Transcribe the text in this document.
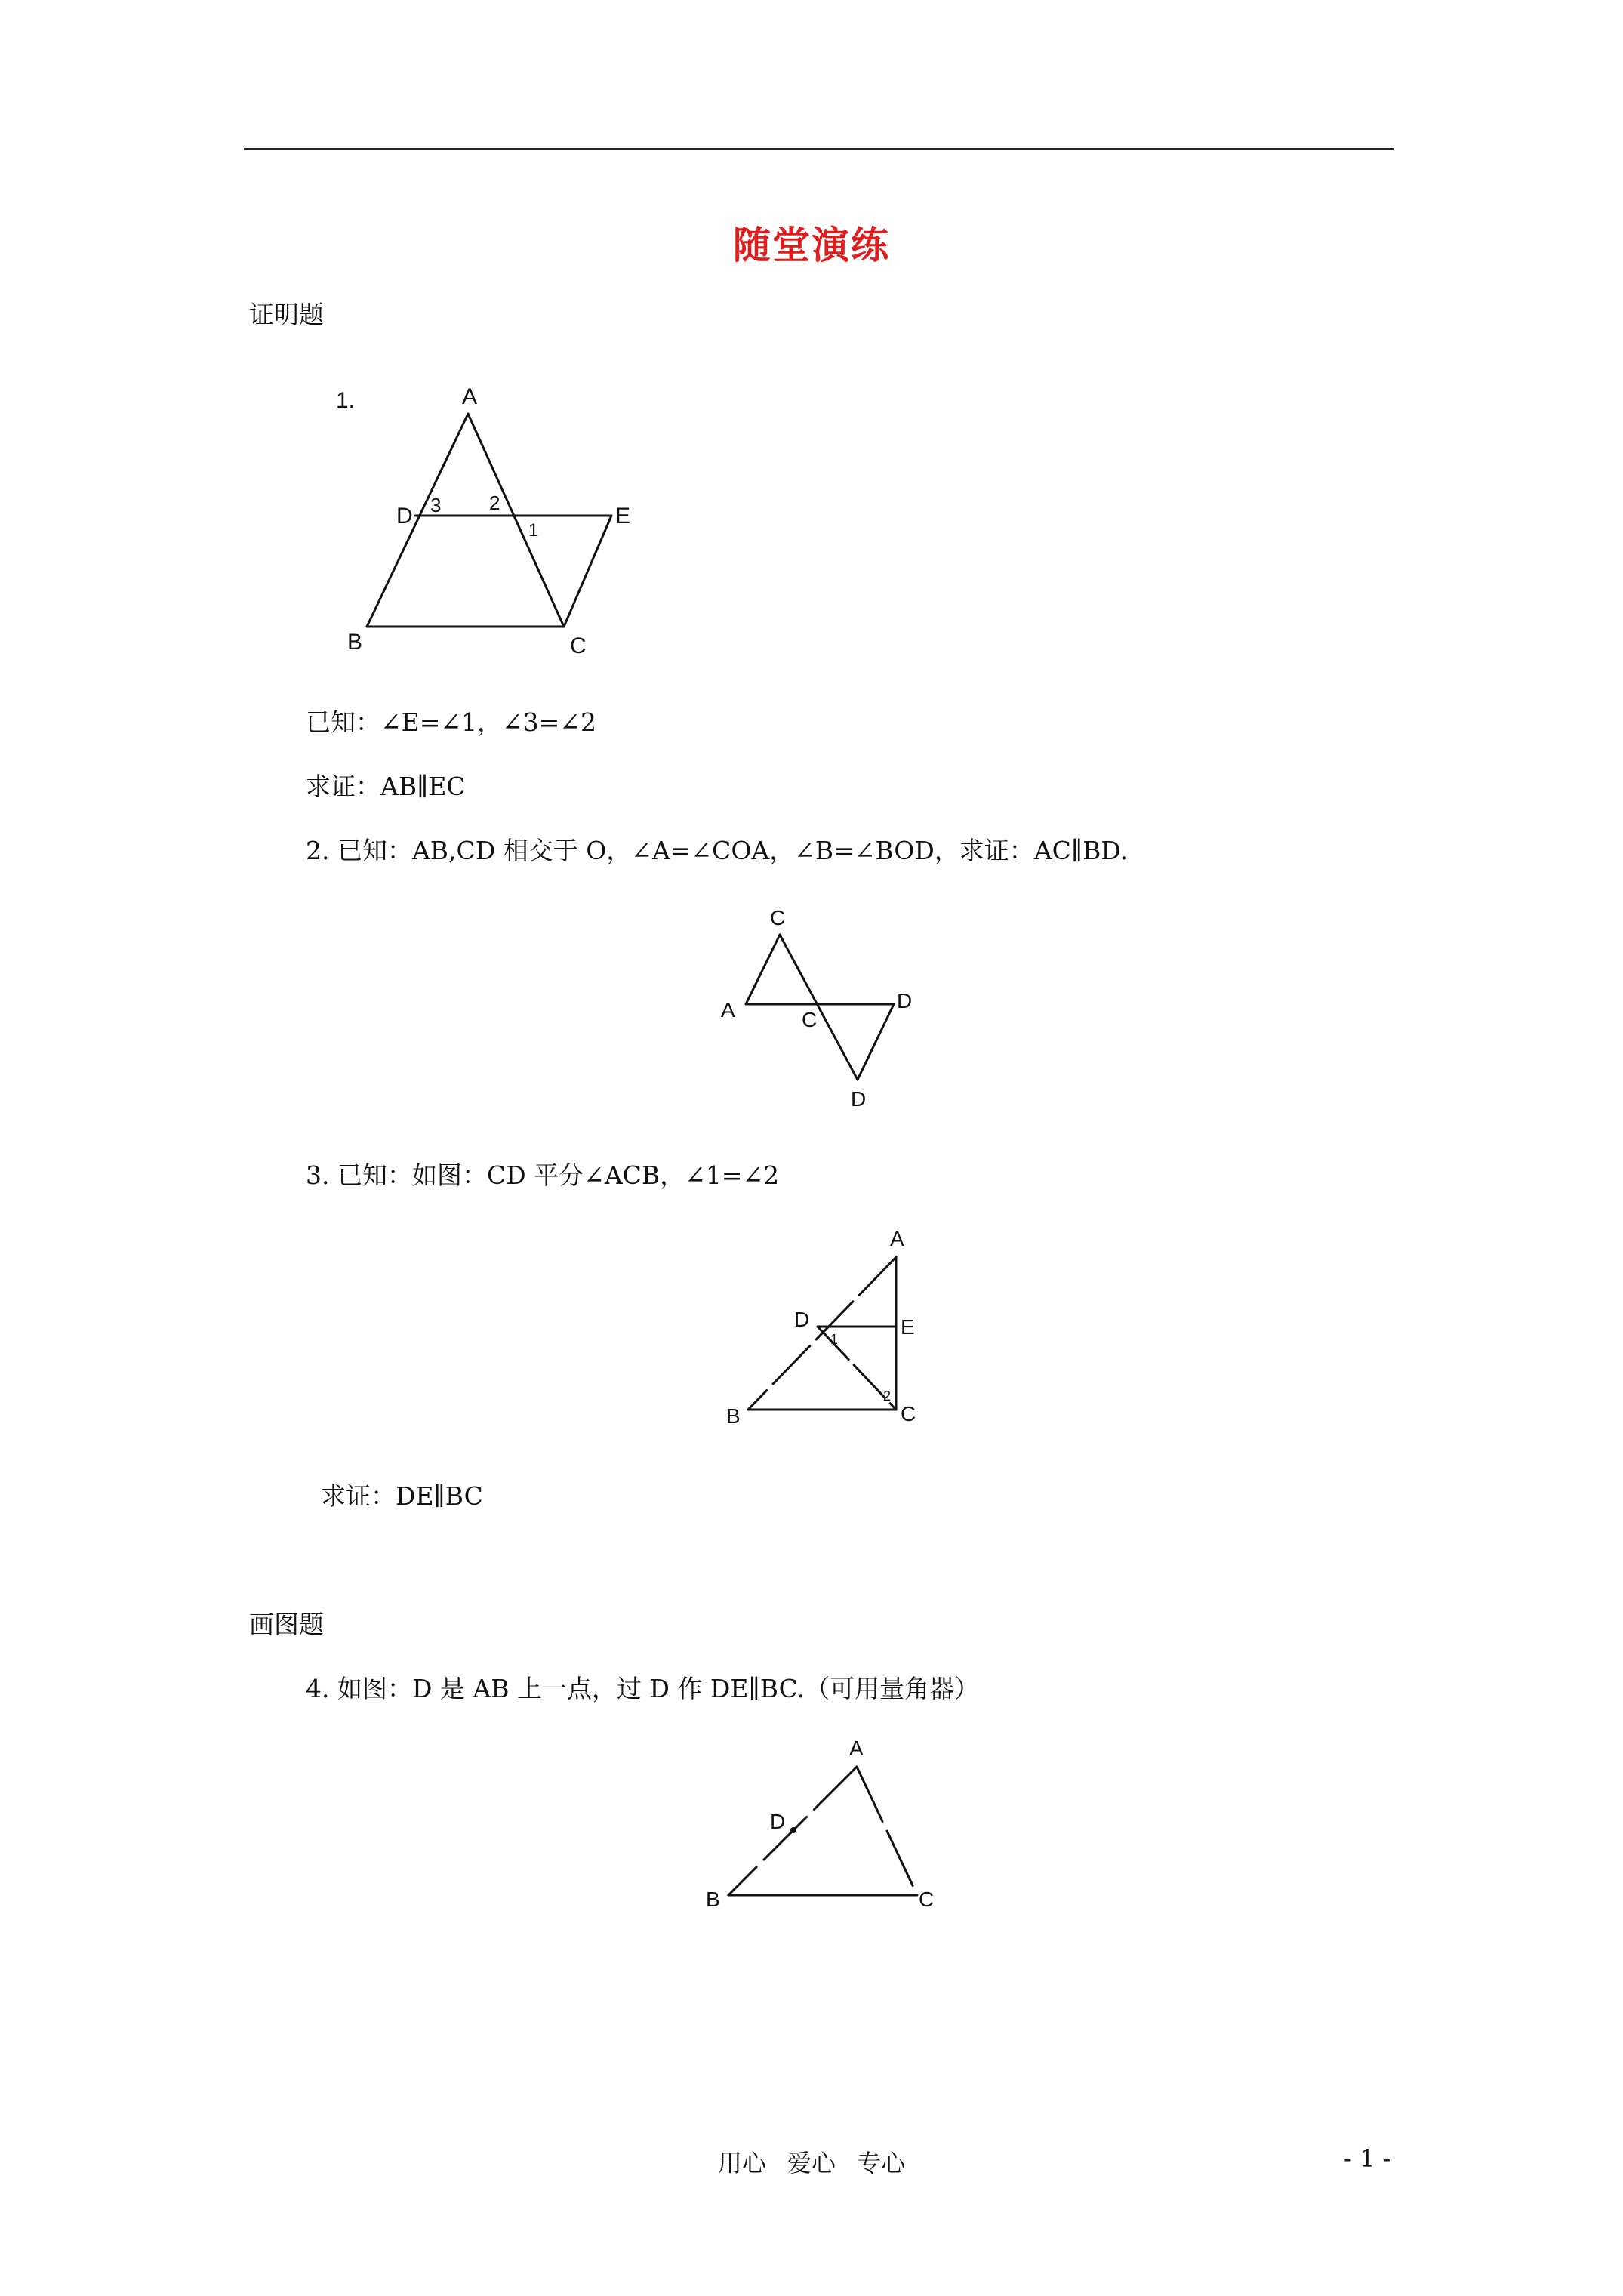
随堂演练
证明题
1.	A
D	E
B	C
3 2
1
已知：∠E=∠1，∠3=∠2
求证：AB∥EC
2. 已知：AB,CD 相交于 O，∠A=∠COA，∠B=∠BOD，求证：AC∥BD.
C
A	C
D
D
3. 已知：如图：CD 平分∠ACB，∠1=∠2
A
D	E
B	C
1
2
求证：DE∥BC
画图题
4. 如图：D 是 AB 上一点，过 D 作 DE∥BC.（可用量角器）
A
D
B	C
用心 爱心 专心	- 1 -
